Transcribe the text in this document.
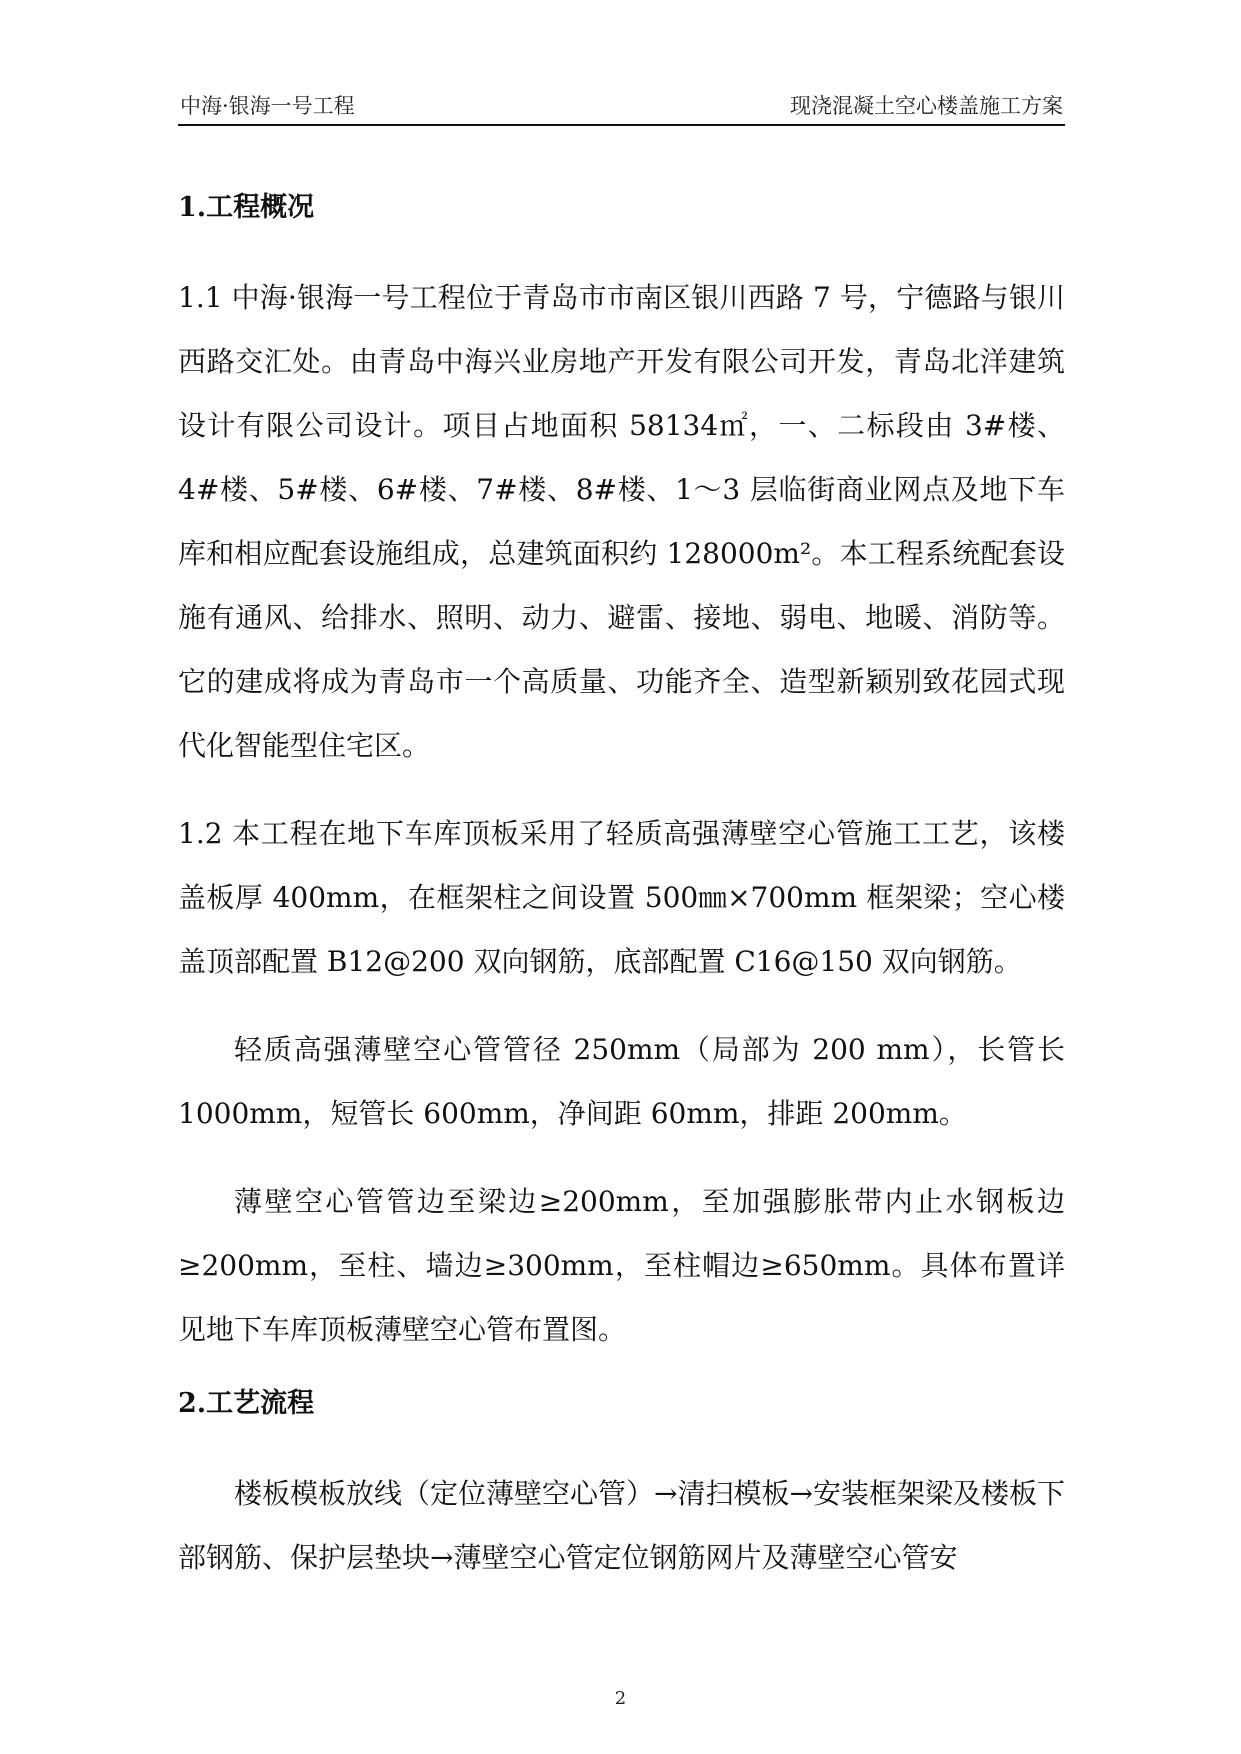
中海·银海一号工程	现浇混凝土空心楼盖施工方案
1.工程概况

1.1 中海·银海一号工程位于青岛市市南区银川西路 7 号，宁德路与银川西路交汇处。由青岛中海兴业房地产开发有限公司开发，青岛北洋建筑设计有限公司设计。项目占地面积 58134㎡，一、二标段由 3#楼、4#楼、5#楼、6#楼、7#楼、8#楼、1～3 层临街商业网点及地下车库和相应配套设施组成，总建筑面积约 128000m²。本工程系统配套设施有通风、给排水、照明、动力、避雷、接地、弱电、地暖、消防等。它的建成将成为青岛市一个高质量、功能齐全、造型新颖别致花园式现代化智能型住宅区。

1.2 本工程在地下车库顶板采用了轻质高强薄壁空心管施工工艺，该楼盖板厚 400mm，在框架柱之间设置 500㎜×700mm 框架梁；空心楼盖顶部配置 B12@200 双向钢筋，底部配置 C16@150 双向钢筋。

轻质高强薄壁空心管管径 250mm（局部为 200 mm），长管长 1000mm，短管长 600mm，净间距 60mm，排距 200mm。

薄壁空心管管边至梁边≥200mm，至加强膨胀带内止水钢板边≥200mm，至柱、墙边≥300mm，至柱帽边≥650mm。具体布置详见地下车库顶板薄壁空心管布置图。

2.工艺流程

楼板模板放线（定位薄壁空心管）→清扫模板→安装框架梁及楼板下部钢筋、保护层垫块→薄壁空心管定位钢筋网片及薄壁空心管安

2
